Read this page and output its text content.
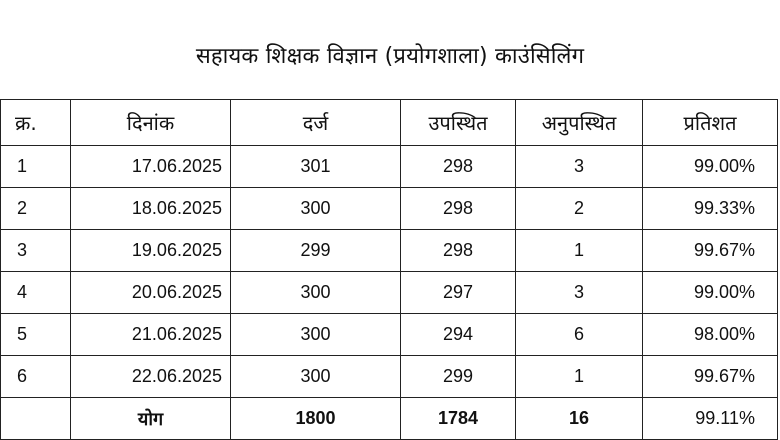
सहायक शिक्षक विज्ञान (प्रयोगशाला) काउंसिलिंग
क्र.	दिनांक	दर्ज	उपस्थित	अनुपस्थित	प्रतिशत
1	17.06.2025	301	298	3	99.00%
2	18.06.2025	300	298	2	99.33%
3	19.06.2025	299	298	1	99.67%
4	20.06.2025	300	297	3	99.00%
5	21.06.2025	300	294	6	98.00%
6	22.06.2025	300	299	1	99.67%
	योग	1800	1784	16	99.11%
